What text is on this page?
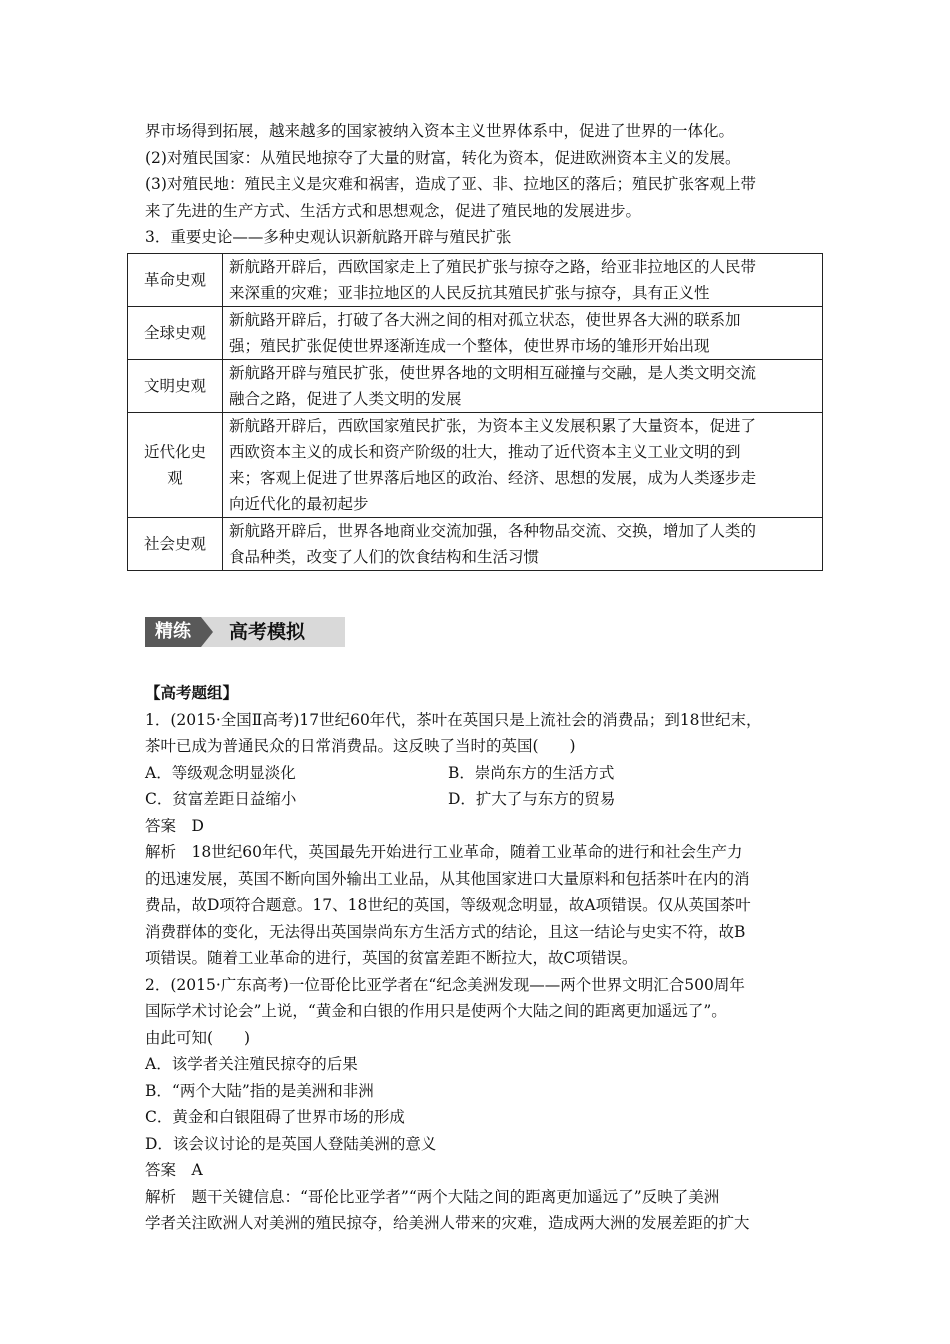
界市场得到拓展，越来越多的国家被纳入资本主义世界体系中，促进了世界的一体化。
(2)对殖民国家：从殖民地掠夺了大量的财富，转化为资本，促进欧洲资本主义的发展。
(3)对殖民地：殖民主义是灾难和祸害，造成了亚、非、拉地区的落后；殖民扩张客观上带
来了先进的生产方式、生活方式和思想观念，促进了殖民地的发展进步。
3．重要史论——多种史观认识新航路开辟与殖民扩张
革命史观	新航路开辟后，西欧国家走上了殖民扩张与掠夺之路，给亚非拉地区的人民带
来深重的灾难；亚非拉地区的人民反抗其殖民扩张与掠夺，具有正义性

全球史观	新航路开辟后，打破了各大洲之间的相对孤立状态，使世界各大洲的联系加
强；殖民扩张促使世界逐渐连成一个整体，使世界市场的雏形开始出现

文明史观	新航路开辟与殖民扩张，使世界各地的文明相互碰撞与交融，是人类文明交流
融合之路，促进了人类文明的发展

近代化史观	新航路开辟后，西欧国家殖民扩张，为资本主义发展积累了大量资本，促进了
西欧资本主义的成长和资产阶级的壮大，推动了近代资本主义工业文明的到
来；客观上促进了世界落后地区的政治、经济、思想的发展，成为人类逐步走
向近代化的最初起步

社会史观	新航路开辟后，世界各地商业交流加强，各种物品交流、交换，增加了人类的
食品种类，改变了人们的饮食结构和生活习惯
精练	高考模拟
【高考题组】
1．(2015·全国Ⅱ高考)17世纪60年代，茶叶在英国只是上流社会的消费品；到18世纪末，
茶叶已成为普通民众的日常消费品。这反映了当时的英国(　　)
A．等级观念明显淡化	B．崇尚东方的生活方式
C．贫富差距日益缩小	D．扩大了与东方的贸易
答案　D
解析　18世纪60年代，英国最先开始进行工业革命，随着工业革命的进行和社会生产力
的迅速发展，英国不断向国外输出工业品，从其他国家进口大量原料和包括茶叶在内的消
费品，故D项符合题意。17、18世纪的英国，等级观念明显，故A项错误。仅从英国茶叶
消费群体的变化，无法得出英国崇尚东方生活方式的结论，且这一结论与史实不符，故B
项错误。随着工业革命的进行，英国的贫富差距不断拉大，故C项错误。
2．(2015·广东高考)一位哥伦比亚学者在“纪念美洲发现——两个世界文明汇合500周年
国际学术讨论会”上说，“黄金和白银的作用只是使两个大陆之间的距离更加遥远了”。
由此可知(　　)
A．该学者关注殖民掠夺的后果
B．“两个大陆”指的是美洲和非洲
C．黄金和白银阻碍了世界市场的形成
D．该会议讨论的是英国人登陆美洲的意义
答案　A
解析　题干关键信息：“哥伦比亚学者”“两个大陆之间的距离更加遥远了”反映了美洲
学者关注欧洲人对美洲的殖民掠夺，给美洲人带来的灾难，造成两大洲的发展差距的扩大
